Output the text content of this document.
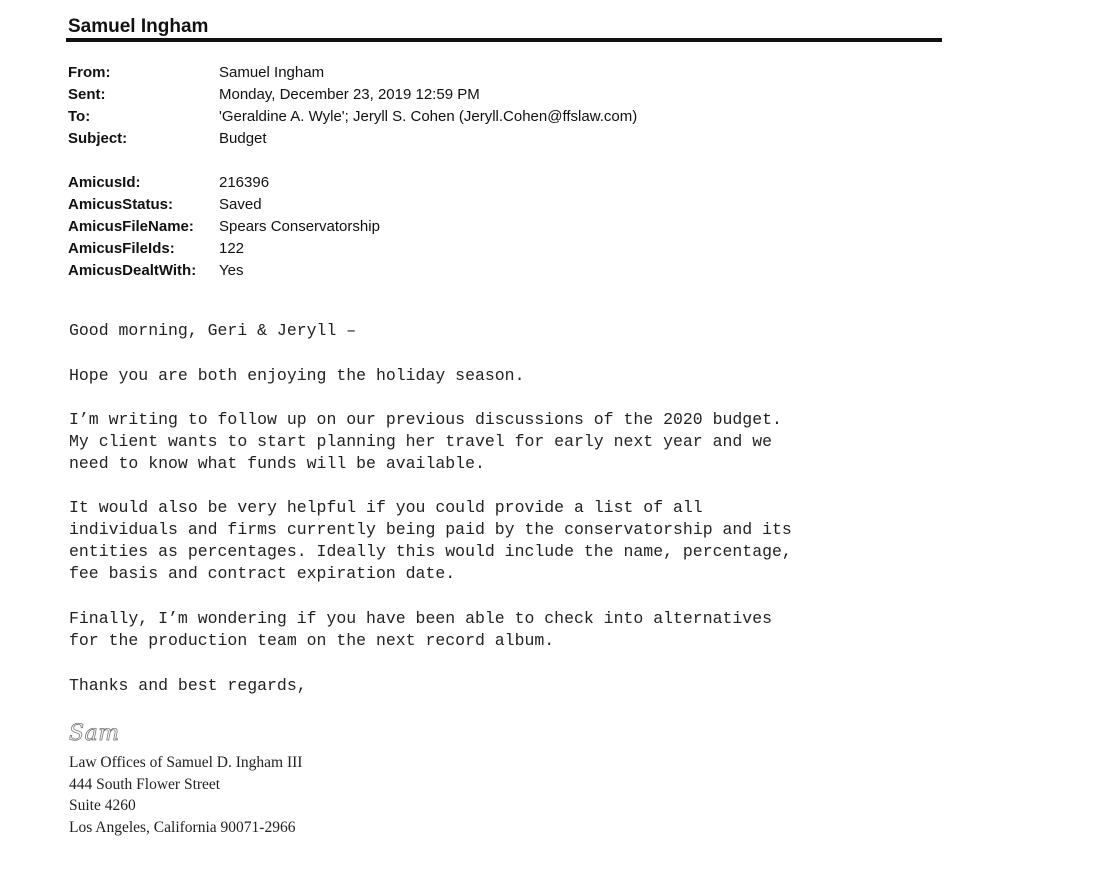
Samuel Ingham
From:	Samuel Ingham
Sent:	Monday, December 23, 2019 12:59 PM
To:	'Geraldine A. Wyle'; Jeryll S. Cohen (Jeryll.Cohen@ffslaw.com)
Subject:	Budget
AmicusId:	216396
AmicusStatus:	Saved
AmicusFileName:	Spears Conservatorship
AmicusFileIds:	122
AmicusDealtWith:	Yes

Good morning, Geri & Jeryll –

Hope you are both enjoying the holiday season.

I’m writing to follow up on our previous discussions of the 2020 budget.
My client wants to start planning her travel for early next year and we
need to know what funds will be available.

It would also be very helpful if you could provide a list of all
individuals and firms currently being paid by the conservatorship and its
entities as percentages. Ideally this would include the name, percentage,
fee basis and contract expiration date.

Finally, I’m wondering if you have been able to check into alternatives
for the production team on the next record album.

Thanks and best regards,

Sam
Law Offices of Samuel D. Ingham III
444 South Flower Street
Suite 4260
Los Angeles, California 90071-2966
